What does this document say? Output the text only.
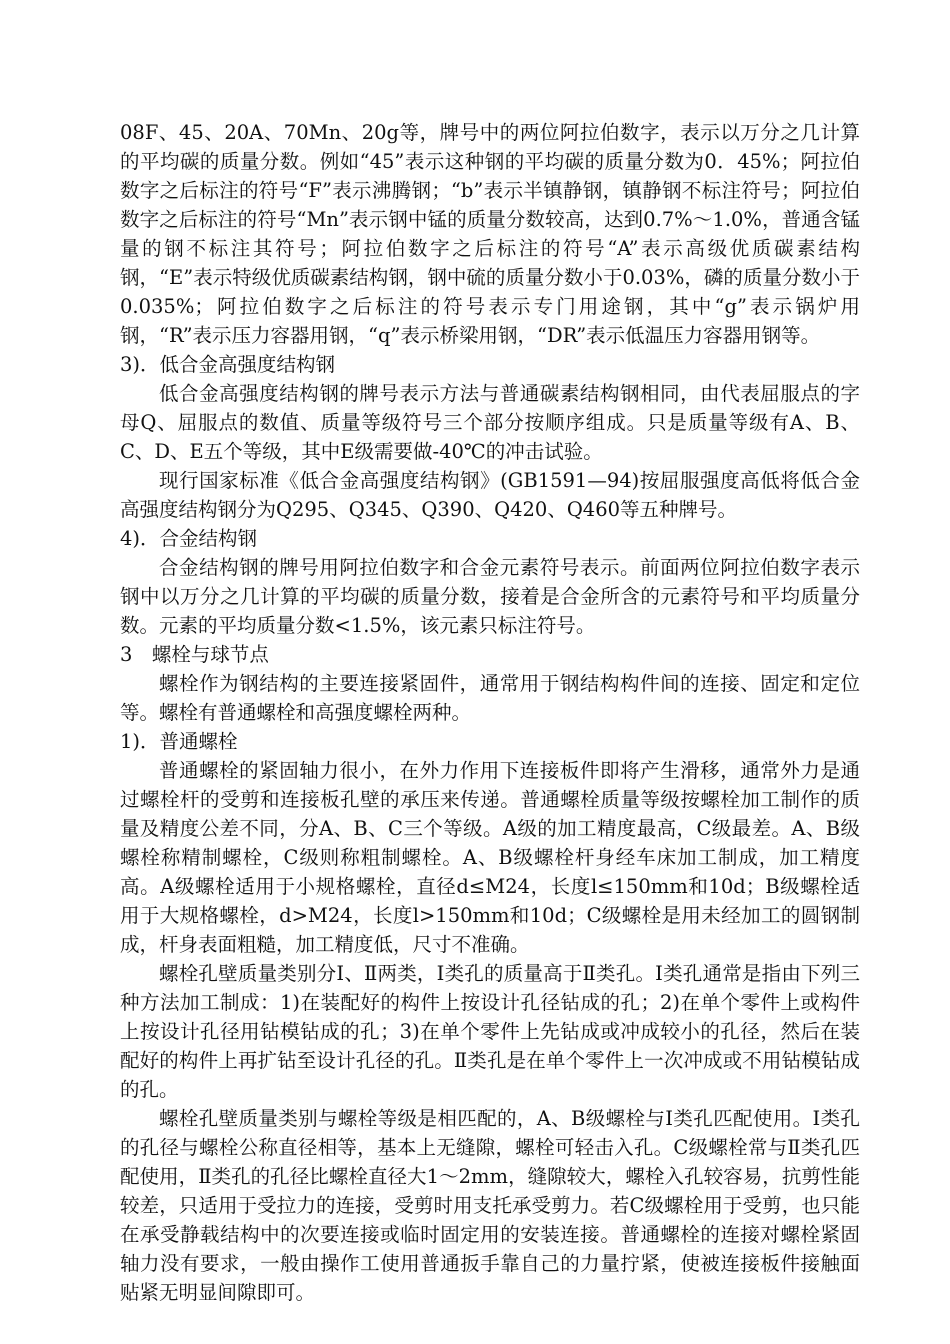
08F、45、20A、70Mn、20g等，牌号中的两位阿拉伯数字，表示以万分之几计算的平均碳的质量分数。例如“45”表示这种钢的平均碳的质量分数为0．45%；阿拉伯数字之后标注的符号“F”表示沸腾钢；“b”表示半镇静钢，镇静钢不标注符号；阿拉伯数字之后标注的符号“Mn”表示钢中锰的质量分数较高，达到0.7%～1.0%，普通含锰量的钢不标注其符号；阿拉伯数字之后标注的符号“A”表示高级优质碳素结构钢，“E”表示特级优质碳素结构钢，钢中硫的质量分数小于0.03%，磷的质量分数小于0.035%；阿拉伯数字之后标注的符号表示专门用途钢，其中“g”表示锅炉用钢，“R”表示压力容器用钢，“q”表示桥梁用钢，“DR”表示低温压力容器用钢等。

3)．低合金高强度结构钢

低合金高强度结构钢的牌号表示方法与普通碳素结构钢相同，由代表屈服点的字母Q、屈服点的数值、质量等级符号三个部分按顺序组成。只是质量等级有A、B、C、D、E五个等级，其中E级需要做-40℃的冲击试验。

现行国家标准《低合金高强度结构钢》(GB1591—94)按屈服强度高低将低合金高强度结构钢分为Q295、Q345、Q390、Q420、Q460等五种牌号。

4)．合金结构钢

合金结构钢的牌号用阿拉伯数字和合金元素符号表示。前面两位阿拉伯数字表示钢中以万分之几计算的平均碳的质量分数，接着是合金所含的元素符号和平均质量分数。元素的平均质量分数<1.5%，该元素只标注符号。

3　螺栓与球节点

螺栓作为钢结构的主要连接紧固件，通常用于钢结构构件间的连接、固定和定位等。螺栓有普通螺栓和高强度螺栓两种。

1)．普通螺栓

普通螺栓的紧固轴力很小，在外力作用下连接板件即将产生滑移，通常外力是通过螺栓杆的受剪和连接板孔壁的承压来传递。普通螺栓质量等级按螺栓加工制作的质量及精度公差不同，分A、B、C三个等级。A级的加工精度最高，C级最差。A、B级螺栓称精制螺栓，C级则称粗制螺栓。A、B级螺栓杆身经车床加工制成，加工精度高。A级螺栓适用于小规格螺栓，直径d≤M24，长度l≤150mm和10d；B级螺栓适用于大规格螺栓，d>M24，长度l>150mm和10d；C级螺栓是用未经加工的圆钢制成，杆身表面粗糙，加工精度低，尺寸不准确。

螺栓孔壁质量类别分Ⅰ、Ⅱ两类，Ⅰ类孔的质量高于Ⅱ类孔。Ⅰ类孔通常是指由下列三种方法加工制成：1)在装配好的构件上按设计孔径钻成的孔；2)在单个零件上或构件上按设计孔径用钻模钻成的孔；3)在单个零件上先钻成或冲成较小的孔径，然后在装配好的构件上再扩钻至设计孔径的孔。Ⅱ类孔是在单个零件上一次冲成或不用钻模钻成的孔。

螺栓孔壁质量类别与螺栓等级是相匹配的，A、B级螺栓与Ⅰ类孔匹配使用。Ⅰ类孔的孔径与螺栓公称直径相等，基本上无缝隙，螺栓可轻击入孔。C级螺栓常与Ⅱ类孔匹配使用，Ⅱ类孔的孔径比螺栓直径大1～2mm，缝隙较大，螺栓入孔较容易，抗剪性能较差，只适用于受拉力的连接，受剪时用支托承受剪力。若C级螺栓用于受剪，也只能在承受静载结构中的次要连接或临时固定用的安装连接。普通螺栓的连接对螺栓紧固轴力没有要求，一般由操作工使用普通扳手靠自己的力量拧紧，使被连接板件接触面贴紧无明显间隙即可。
